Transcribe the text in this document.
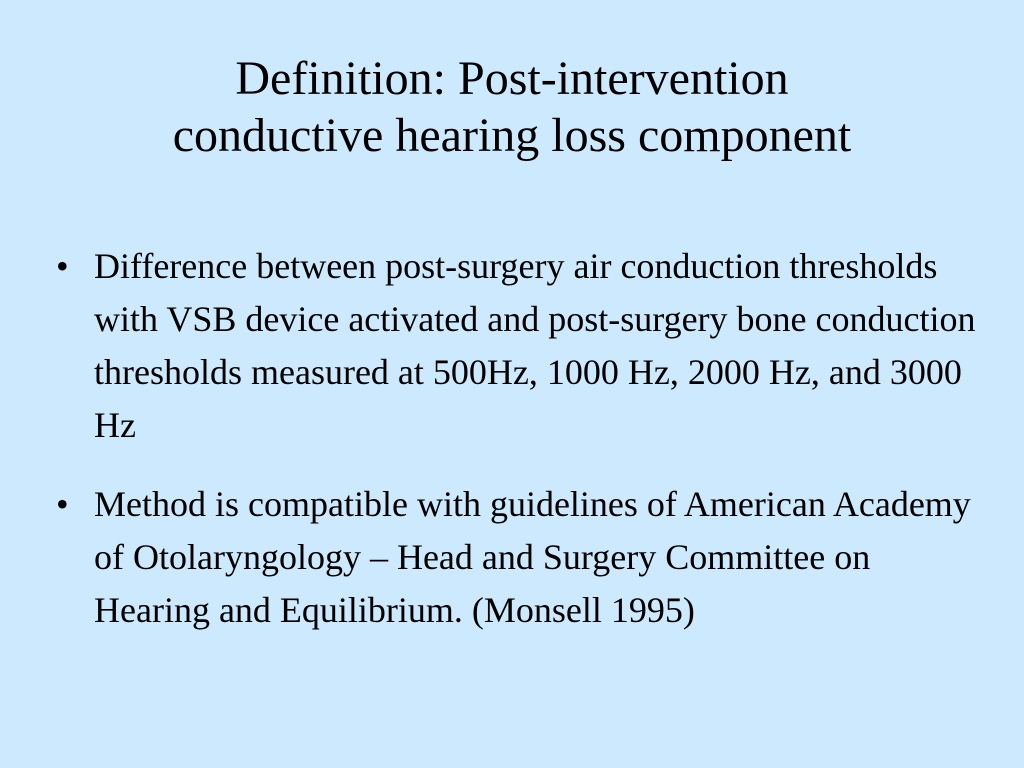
Definition: Post-intervention
conductive hearing loss component
• Difference between post-surgery air conduction thresholds with VSB device activated and post-surgery bone conduction thresholds measured at 500Hz, 1000 Hz, 2000 Hz, and 3000 Hz
• Method is compatible with guidelines of American Academy of Otolaryngology – Head and Surgery Committee on Hearing and Equilibrium. (Monsell 1995)
